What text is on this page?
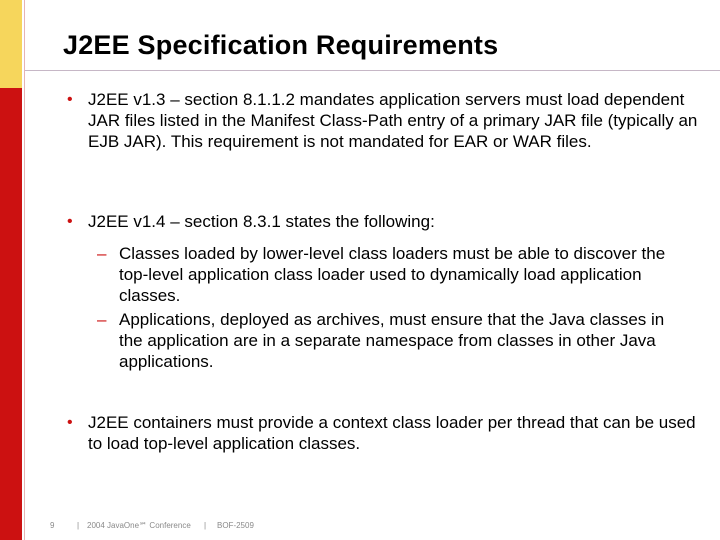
J2EE Specification Requirements
• J2EE v1.3 – section 8.1.1.2 mandates application servers must load dependent JAR files listed in the Manifest Class-Path entry of a primary JAR file (typically an EJB JAR). This requirement is not mandated for EAR or WAR files.
• J2EE v1.4 – section 8.3.1 states the following:
– Classes loaded by lower-level class loaders must be able to discover the top-level application class loader used to dynamically load application classes.
– Applications, deployed as archives, must ensure that the Java classes in the application are in a separate namespace from classes in other Java applications.
• J2EE containers must provide a context class loader per thread that can be used to load top-level application classes.
9	| 2004 JavaOne℠ Conference | BOF-2509
